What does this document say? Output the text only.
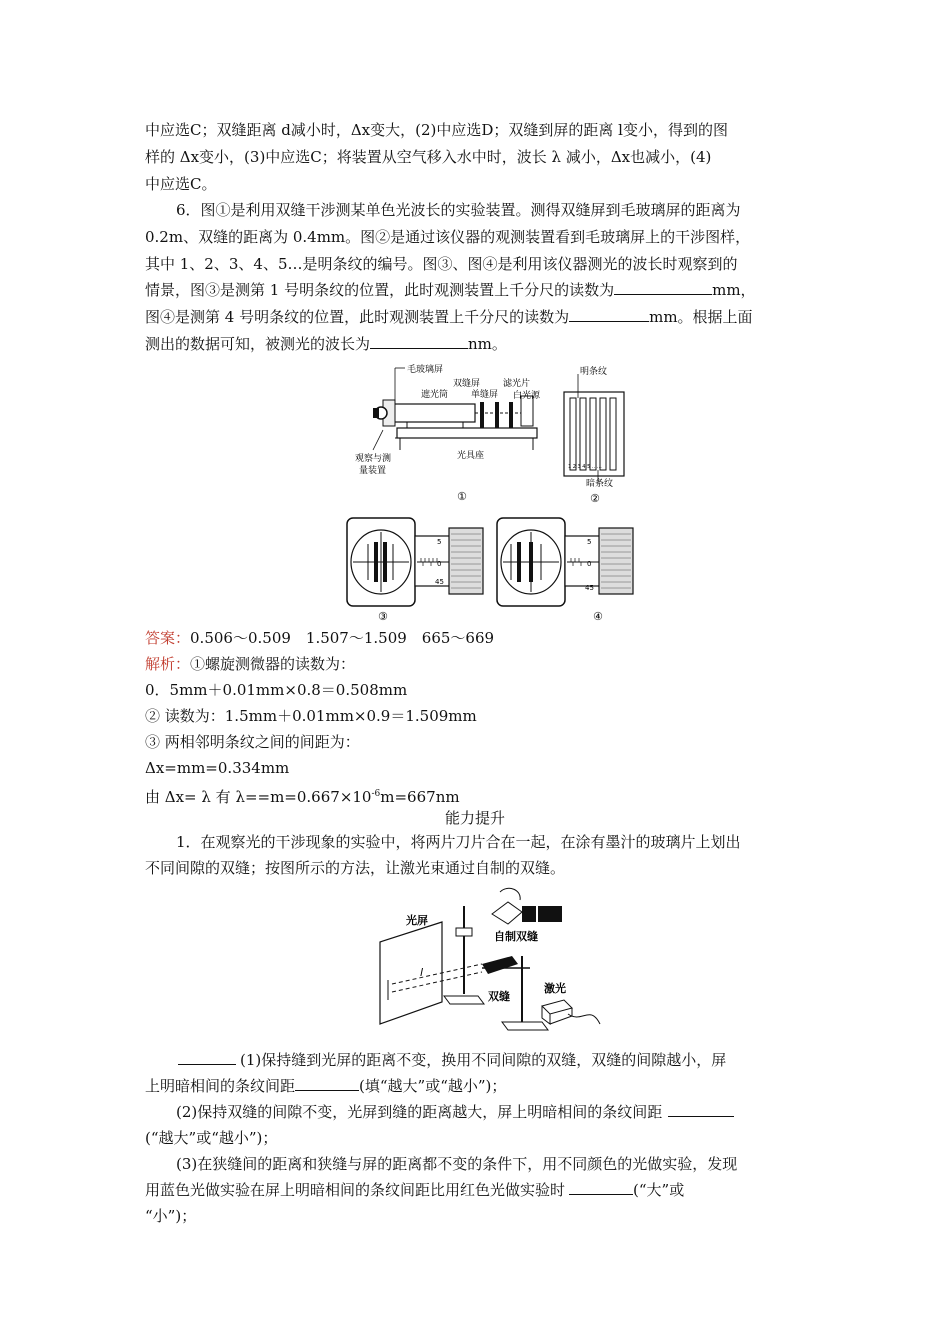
中应选C；双缝距离 d减小时，Δx变大，(2)中应选D；双缝到屏的距离 l变小，得到的图
样的 Δx变小，(3)中应选C；将装置从空气移入水中时，波长 λ 减小，Δx也减小，(4)
中应选C。
6．图①是利用双缝干涉测某单色光波长的实验装置。测得双缝屏到毛玻璃屏的距离为
0.2m、双缝的距离为 0.4mm。图②是通过该仪器的观测装置看到毛玻璃屏上的干涉图样，
其中 1、2、3、4、5…是明条纹的编号。图③、图④是利用该仪器测光的波长时观察到的
情景，图③是测第 1 号明条纹的位置，此时观测装置上千分尺的读数为	mm，
图④是测第 4 号明条纹的位置，此时观测装置上千分尺的读数为	mm。根据上面
测出的数据可知，被测光的波长为	nm。
毛玻璃屏
双缝屏	滤光片
遮光筒	单缝屏 白光源
观察与测
量装置
光具座
①
明条纹
1 2 3 4 5 ……
暗条纹
②
5
0
45
③
5
0
45
④
答案：0.506～0.509　1.507～1.509　665～669
解析：①螺旋测微器的读数为：
0．5mm＋0.01mm×0.8＝0.508mm
② 读数为：1.5mm＋0.01mm×0.9＝1.509mm
③ 两相邻明条纹之间的间距为：
Δx=mm=0.334mm
由 Δx= λ 有 $\lambda==m=0.667\times 10^{-6}m=667nm$
能力提升
1．在观察光的干涉现象的实验中，将两片刀片合在一起，在涂有墨汁的玻璃片上划出
不同间隙的双缝；按图所示的方法，让激光束通过自制的双缝。
光屏
自制双缝
l
双缝
激光
(1)保持缝到光屏的距离不变，换用不同间隙的双缝，双缝的间隙越小，屏
上明暗相间的条纹间距	(填“越大”或“越小”)；
(2)保持双缝的间隙不变，光屏到缝的距离越大，屏上明暗相间的条纹间距
(“越大”或“越小”)；
(3)在狭缝间的距离和狭缝与屏的距离都不变的条件下，用不同颜色的光做实验，发现
用蓝色光做实验在屏上明暗相间的条纹间距比用红色光做实验时	(“大”或
“小”)；
